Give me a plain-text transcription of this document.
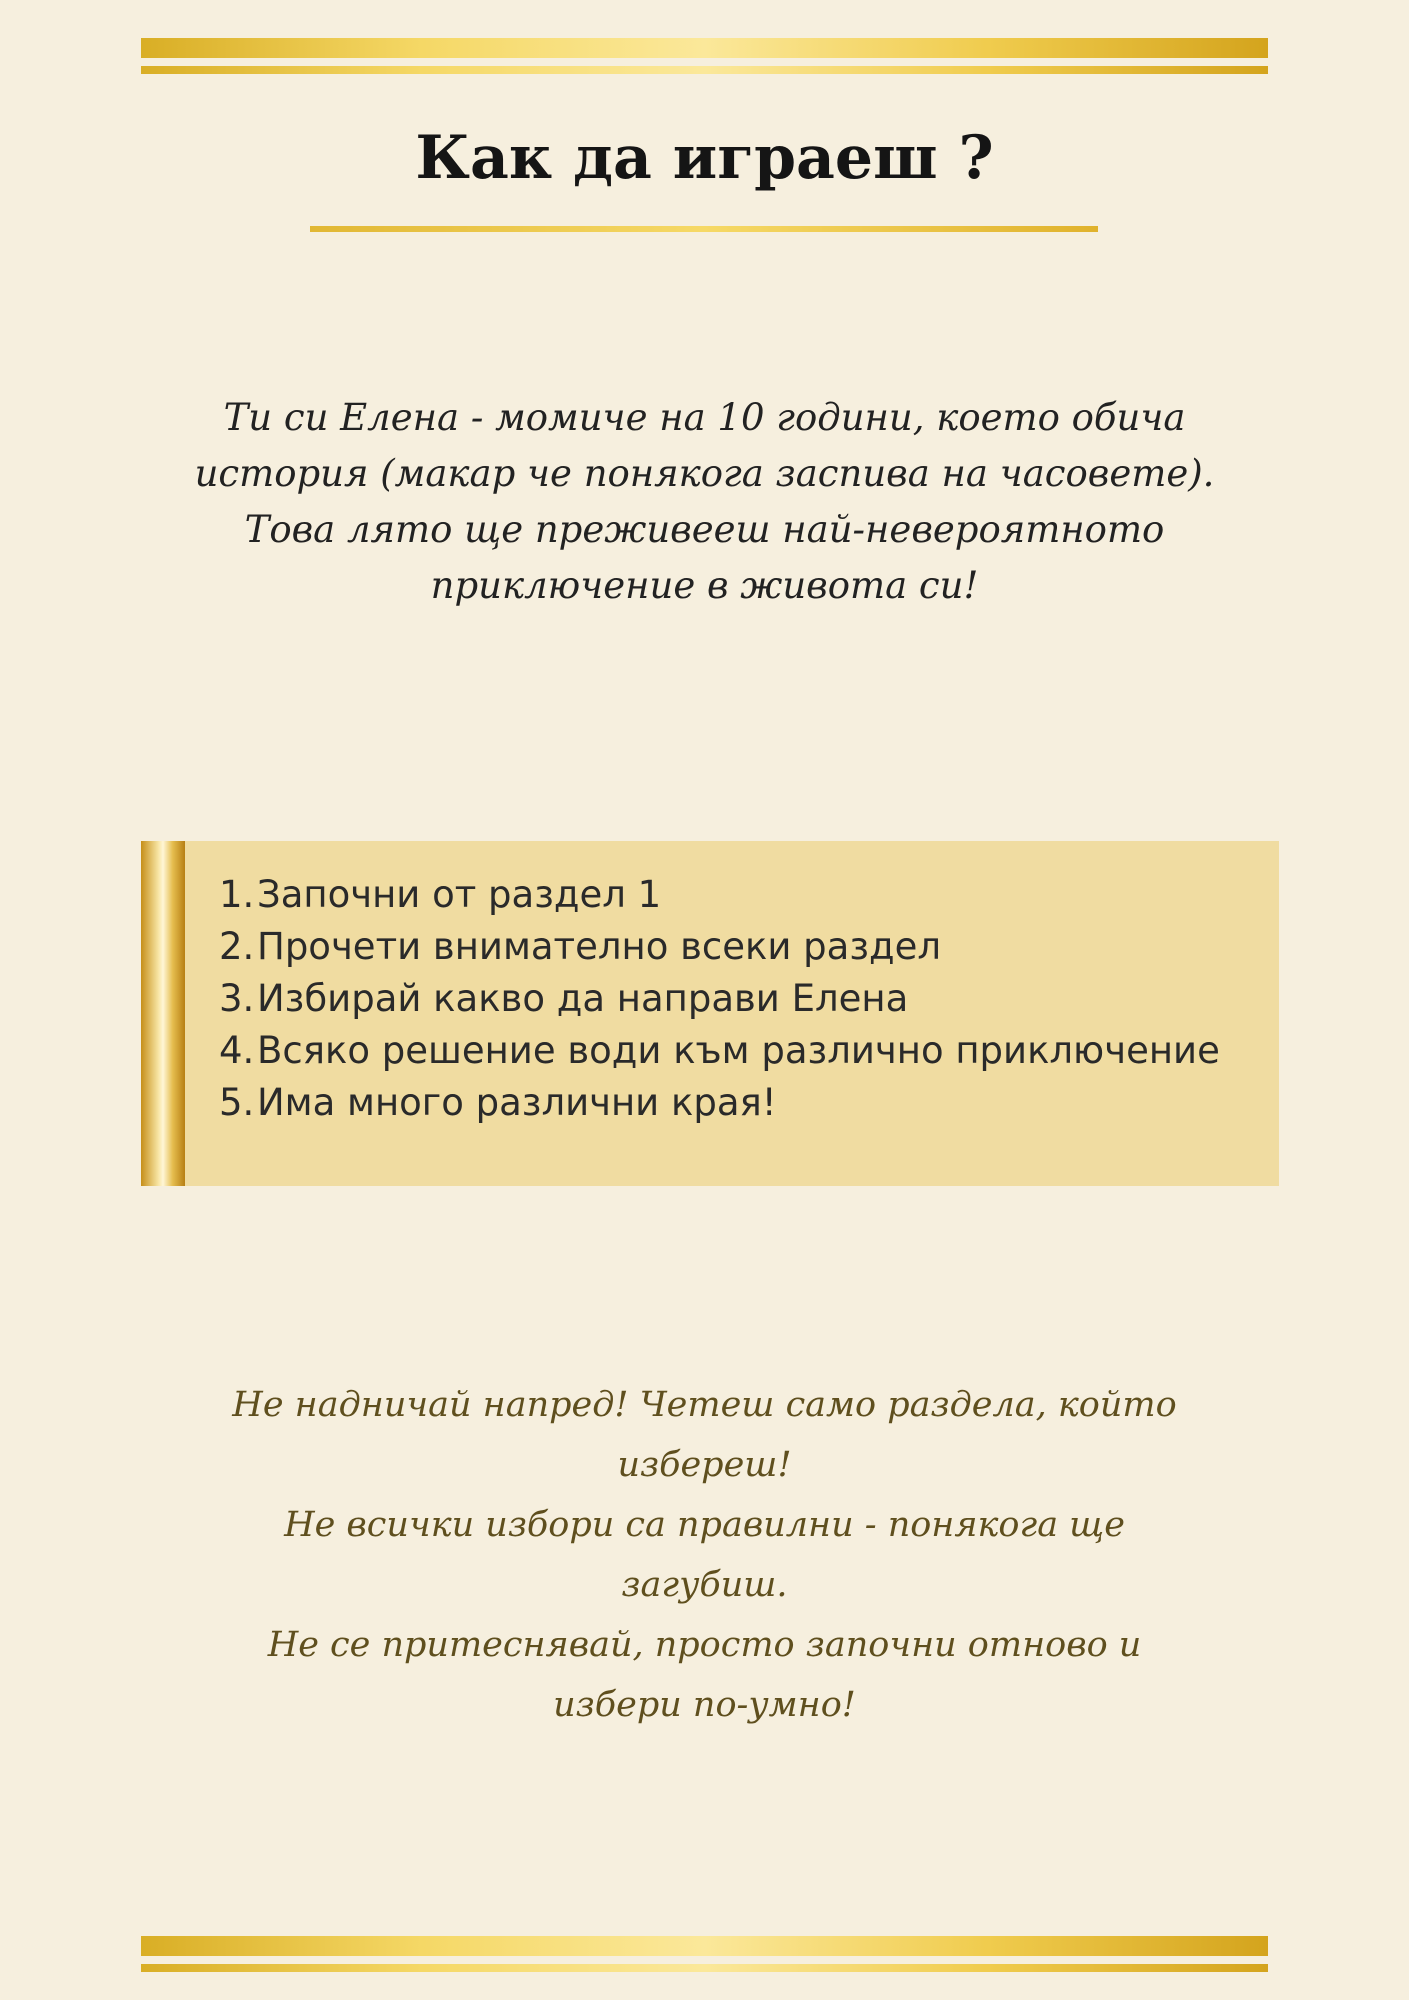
Как да играеш ?

Ти си Елена - момиче на 10 години, което обича история (макар че понякога заспива на часовете). Това лято ще преживееш най-невероятното приключение в живота си!

1. Започни от раздел 1
2. Прочети внимателно всеки раздел
3. Избирай какво да направи Елена
4. Всяко решение води към различно приключение
5. Има много различни края!

Не надничай напред! Четеш само раздела, който избереш!
Не всички избори са правилни - понякога ще загубиш.
Не се притеснявай, просто започни отново и избери по-умно!
